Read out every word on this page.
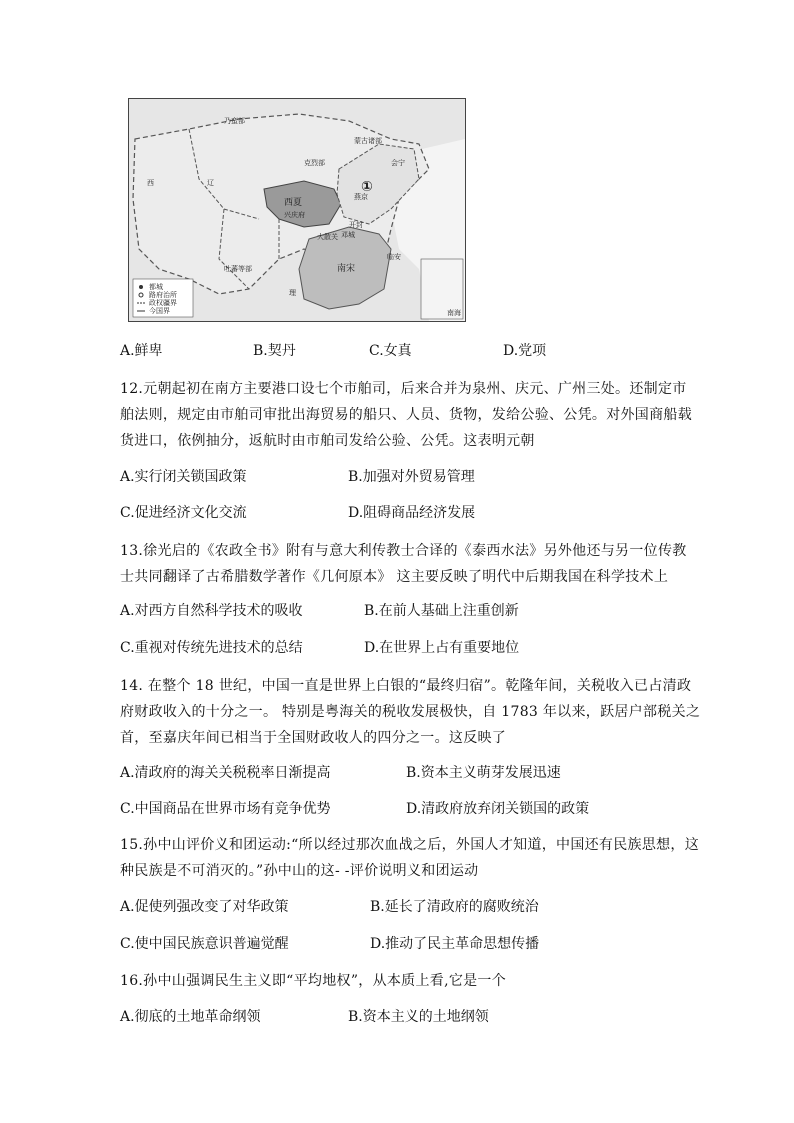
都城
路府治所
政权疆界
今国界	南海
乃蛮部
克烈部
蒙古诸部
西夏
西	辽
吐蕃等部	南宋
理
兴庆府
开封
燕京
会宁
临安
大散关 邓城
①
A.鲜卑	B.契丹	C.女真	D.党项
12.元朝起初在南方主要港口设七个市舶司，后来合并为泉州、庆元、广州三处。还制定市
舶法则，规定由市舶司审批出海贸易的船只、人员、货物，发给公验、公凭。对外国商船载
货进口，依例抽分，返航时由市舶司发给公验、公凭。这表明元朝
A.实行闭关锁国政策	B.加强对外贸易管理
C.促进经济文化交流	D.阻碍商品经济发展
13.徐光启的《农政全书》附有与意大利传教士合译的《泰西水法》另外他还与另一位传教
士共同翻译了古希腊数学著作《几何原本》 这主要反映了明代中后期我国在科学技术上
A.对西方自然科学技术的吸收	B.在前人基础上注重创新
C.重视对传统先进技术的总结	D.在世界上占有重要地位
14. 在整个 18 世纪，中国一直是世界上白银的“最终归宿”。乾隆年间，关税收入已占清政
府财政收入的十分之一。 特别是粤海关的税收发展极快，自 1783 年以来，跃居户部税关之
首，至嘉庆年间已相当于全国财政收人的四分之一。这反映了
A.清政府的海关关税税率日渐提高	B.资本主义萌芽发展迅速
C.中国商品在世界市场有竞争优势	D.清政府放弃闭关锁国的政策
15.孙中山评价义和团运动:“所以经过那次血战之后，外国人才知道，中国还有民族思想，这
种民族是不可消灭的。”孙中山的这- -评价说明义和团运动
A.促使列强改变了对华政策	B.延长了清政府的腐败统治
C.使中国民族意识普遍觉醒	D.推动了民主革命思想传播
16.孙中山强调民生主义即“平均地权”，从本质上看,它是一个
A.彻底的土地革命纲领	B.资本主义的土地纲领
